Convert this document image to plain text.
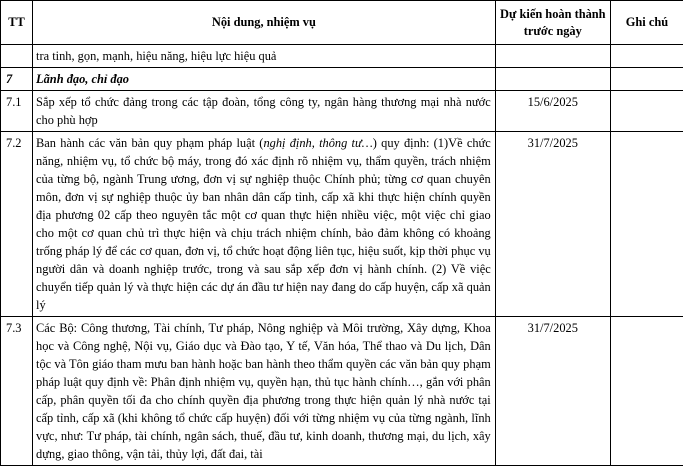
TT	Nội dung, nhiệm vụ	Dự kiến hoàn thành trước ngày	Ghi chú
	tra tinh, gọn, mạnh, hiệu năng, hiệu lực hiệu quả		
7	Lãnh đạo, chỉ đạo		
7.1	Sắp xếp tổ chức đảng trong các tập đoàn, tổng công ty, ngân hàng thương mại nhà nước cho phù hợp	15/6/2025	
7.2	Ban hành các văn bản quy phạm pháp luật (nghị định, thông tư…) quy định: (1)Về chức năng, nhiệm vụ, tổ chức bộ máy, trong đó xác định rõ nhiệm vụ, thẩm quyền, trách nhiệm của từng bộ, ngành Trung ương, đơn vị sự nghiệp thuộc Chính phủ; từng cơ quan chuyên môn, đơn vị sự nghiệp thuộc ủy ban nhân dân cấp tỉnh, cấp xã khi thực hiện chính quyền địa phương 02 cấp theo nguyên tắc một cơ quan thực hiện nhiều việc, một việc chỉ giao cho một cơ quan chủ trì thực hiện và chịu trách nhiệm chính, bảo đảm không có khoảng trống pháp lý để các cơ quan, đơn vị, tổ chức hoạt động liên tục, hiệu suốt, kịp thời phục vụ người dân và doanh nghiệp trước, trong và sau sắp xếp đơn vị hành chính. (2) Về việc chuyển tiếp quản lý và thực hiện các dự án đầu tư hiện nay đang do cấp huyện, cấp xã quản lý	31/7/2025	
7.3	Các Bộ: Công thương, Tài chính, Tư pháp, Nông nghiệp và Môi trường, Xây dựng, Khoa học và Công nghệ, Nội vụ, Giáo dục và Đào tạo, Y tế, Văn hóa, Thể thao và Du lịch, Dân tộc và Tôn giáo tham mưu ban hành hoặc ban hành theo thẩm quyền các văn bản quy phạm pháp luật quy định về: Phân định nhiệm vụ, quyền hạn, thủ tục hành chính…, gắn với phân cấp, phân quyền tối đa cho chính quyền địa phương trong thực hiện quản lý nhà nước tại cấp tỉnh, cấp xã (khi không tổ chức cấp huyện) đối với từng nhiệm vụ của từng ngành, lĩnh vực, như: Tư pháp, tài chính, ngân sách, thuế, đầu tư, kinh doanh, thương mại, du lịch, xây dựng, giao thông, vận tải, thủy lợi, đất đai, tài	31/7/2025	
